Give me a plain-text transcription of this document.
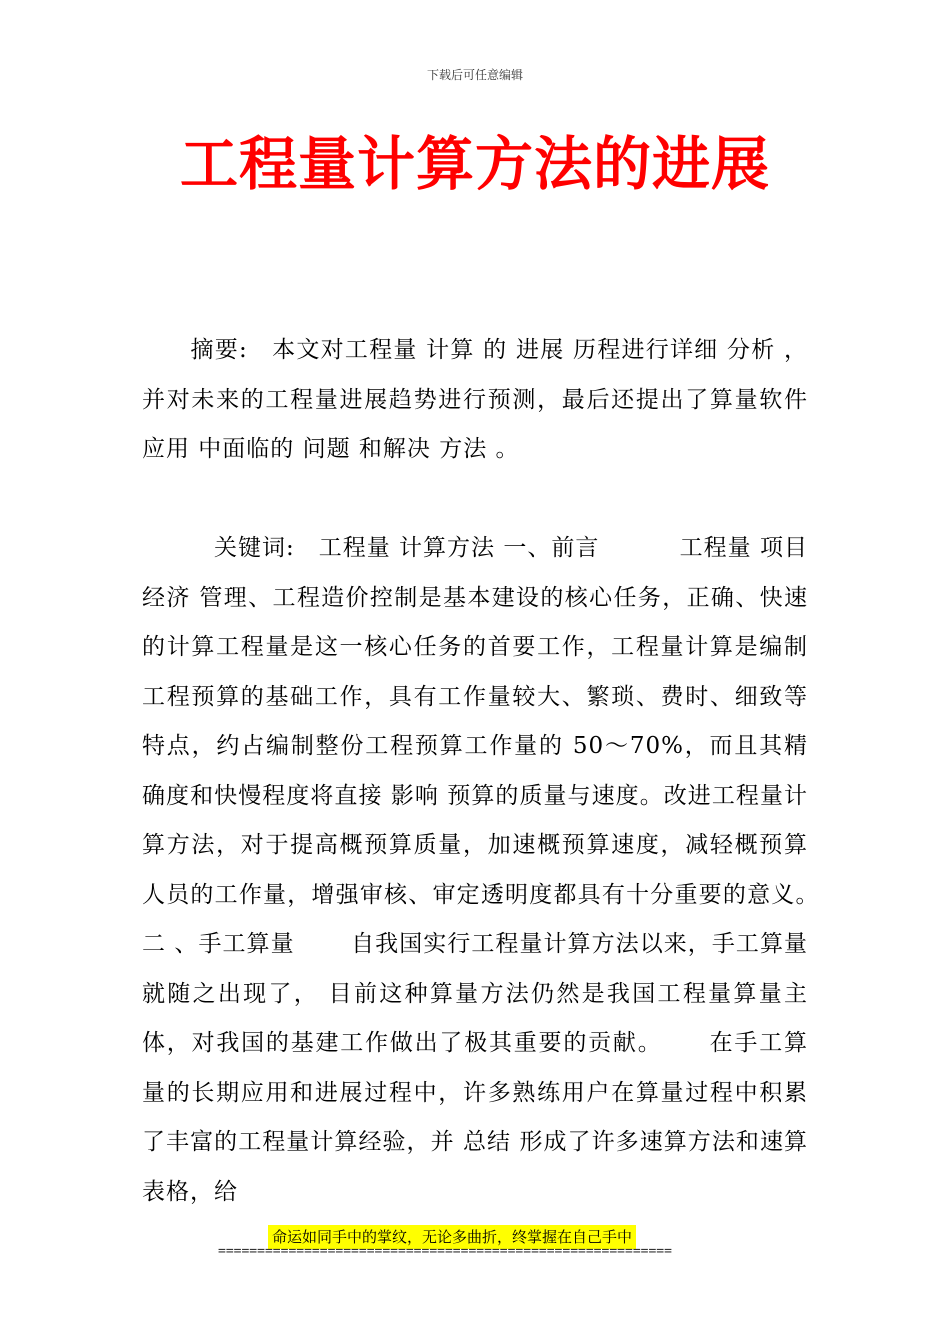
下载后可任意编辑
工程量计算方法的进展

　　摘要:　本文对工程量 计算 的 进展 历程进行详细 分析 ，并对未来的工程量进展趋势进行预测，最后还提出了算量软件 应用 中面临的 问题 和解决 方法 。

　　　关键词:　工程量 计算方法 一、前言　　　 工程量 项目 经济 管理、工程造价控制是基本建设的核心任务，正确、快速的计算工程量是这一核心任务的首要工作，工程量计算是编制工程预算的基础工作，具有工作量较大、繁琐、费时、细致等特点，约占编制整份工程预算工作量的 50～70%，而且其精确度和快慢程度将直接 影响 预算的质量与速度。改进工程量计算方法，对于提高概预算质量，加速概预算速度，减轻概预算人员的工作量，增强审核、审定透明度都具有十分重要的意义。　　 二 、手工算量　　 自我国实行工程量计算方法以来，手工算量就随之出现了， 目前这种算量方法仍然是我国工程量算量主体，对我国的基建工作做出了极其重要的贡献。　　 在手工算量的长期应用和进展过程中，许多熟练用户在算量过程中积累了丰富的工程量计算经验，并 总结 形成了许多速算方法和速算表格，给

命运如同手中的掌纹，无论多曲折，终掌握在自己手中
==========================================================
